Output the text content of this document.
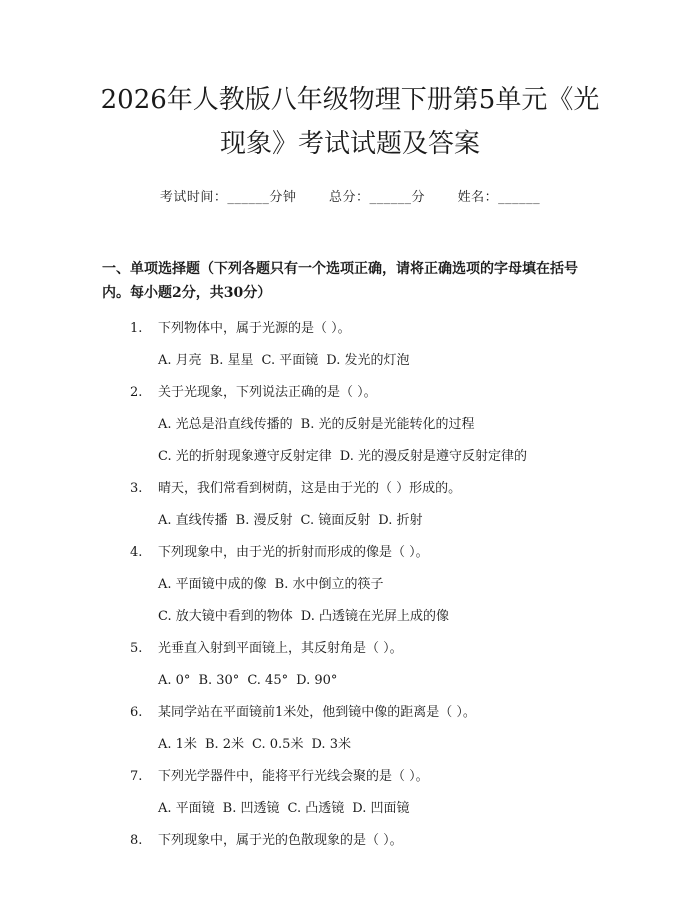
2026年人教版八年级物理下册第5单元《光
现象》考试试题及答案
考试时间：______分钟	总分：______分	姓名：______
一、单项选择题（下列各题只有一个选项正确，请将正确选项的字母填在括号
内。每小题2分，共30分）
1. 下列物体中，属于光源的是（ ）。
A. 月亮 B. 星星 C. 平面镜 D. 发光的灯泡
2. 关于光现象，下列说法正确的是（ ）。
A. 光总是沿直线传播的 B. 光的反射是光能转化的过程
C. 光的折射现象遵守反射定律 D. 光的漫反射是遵守反射定律的
3. 晴天，我们常看到树荫，这是由于光的（ ）形成的。
A. 直线传播 B. 漫反射 C. 镜面反射 D. 折射
4. 下列现象中，由于光的折射而形成的像是（ ）。
A. 平面镜中成的像 B. 水中倒立的筷子
C. 放大镜中看到的物体 D. 凸透镜在光屏上成的像
5. 光垂直入射到平面镜上，其反射角是（ ）。
A. 0° B. 30° C. 45° D. 90°
6. 某同学站在平面镜前1米处，他到镜中像的距离是（ ）。
A. 1米 B. 2米 C. 0.5米 D. 3米
7. 下列光学器件中，能将平行光线会聚的是（ ）。
A. 平面镜 B. 凹透镜 C. 凸透镜 D. 凹面镜
8. 下列现象中，属于光的色散现象的是（ ）。
